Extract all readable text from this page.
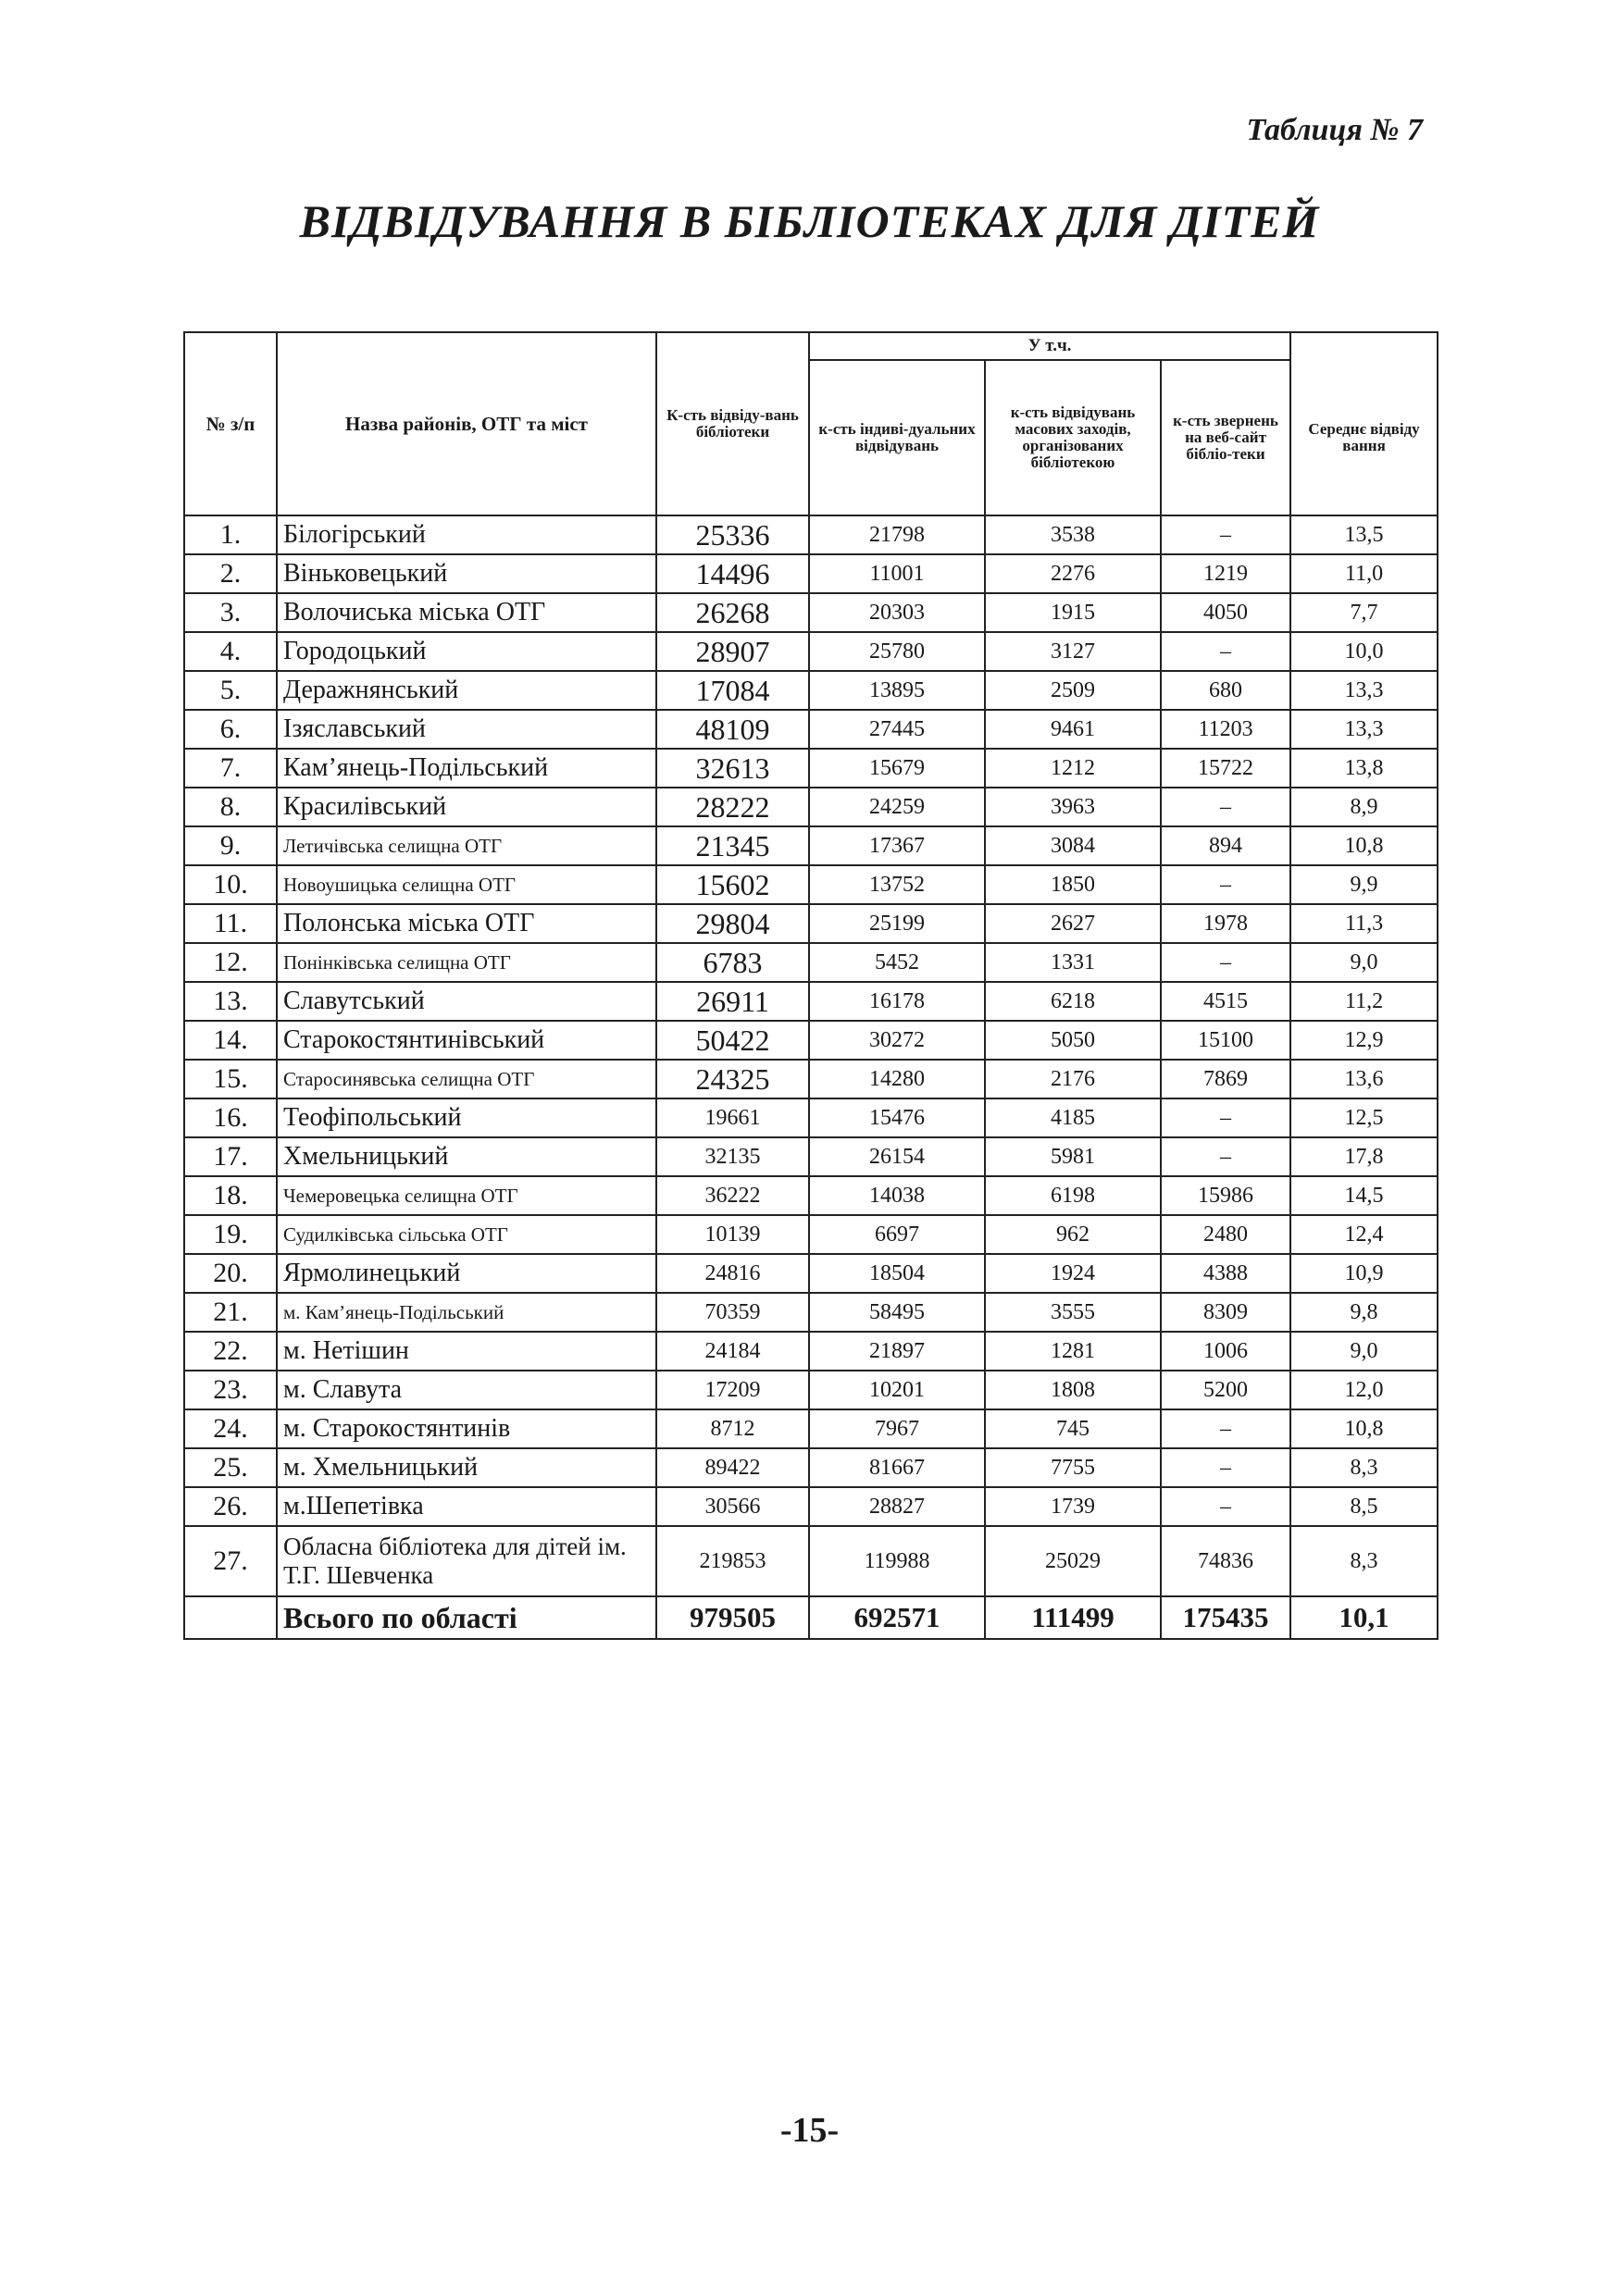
Таблиця № 7
ВІДВІДУВАННЯ В БІБЛІОТЕКАХ ДЛЯ ДІТЕЙ
№ з/п	Назва районів, ОТГ та міст	К-сть відвіду-вань бібліотеки	У т.ч.			
			к-сть індиві-дуальних відвідувань	к-сть відвідувань масових заходів, організованих бібліотекою	к-сть звернень на веб-сайт бібліо-теки	Середнє відвіду вання
1.	Білогірський	25336	21798	3538	–	13,5
2.	Віньковецький	14496	11001	2276	1219	11,0
3.	Волочиська міська ОТГ	26268	20303	1915	4050	7,7
4.	Городоцький	28907	25780	3127	–	10,0
5.	Деражнянський	17084	13895	2509	680	13,3
6.	Ізяславський	48109	27445	9461	11203	13,3
7.	Кам’янець-Подільський	32613	15679	1212	15722	13,8
8.	Красилівський	28222	24259	3963	–	8,9
9.	Летичівська селищна ОТГ	21345	17367	3084	894	10,8
10.	Новоушицька селищна ОТГ	15602	13752	1850	–	9,9
11.	Полонська міська ОТГ	29804	25199	2627	1978	11,3
12.	Понінківська селищна ОТГ	6783	5452	1331	–	9,0
13.	Славутський	26911	16178	6218	4515	11,2
14.	Старокостянтинівський	50422	30272	5050	15100	12,9
15.	Старосинявська селищна ОТГ	24325	14280	2176	7869	13,6
16.	Теофіпольський	19661	15476	4185	–	12,5
17.	Хмельницький	32135	26154	5981	–	17,8
18.	Чемеровецька селищна ОТГ	36222	14038	6198	15986	14,5
19.	Судилківська сільська ОТГ	10139	6697	962	2480	12,4
20.	Ярмолинецький	24816	18504	1924	4388	10,9
21.	м. Кам’янець-Подільський	70359	58495	3555	8309	9,8
22.	м. Нетішин	24184	21897	1281	1006	9,0
23.	м. Славута	17209	10201	1808	5200	12,0
24.	м. Старокостянтинів	8712	7967	745	–	10,8
25.	м. Хмельницький	89422	81667	7755	–	8,3
26.	м.Шепетівка	30566	28827	1739	–	8,5
27.	Обласна бібліотека для дітей ім. Т.Г. Шевченка	219853	119988	25029	74836	8,3
	Всього по області	979505	692571	111499	175435	10,1
-15-
